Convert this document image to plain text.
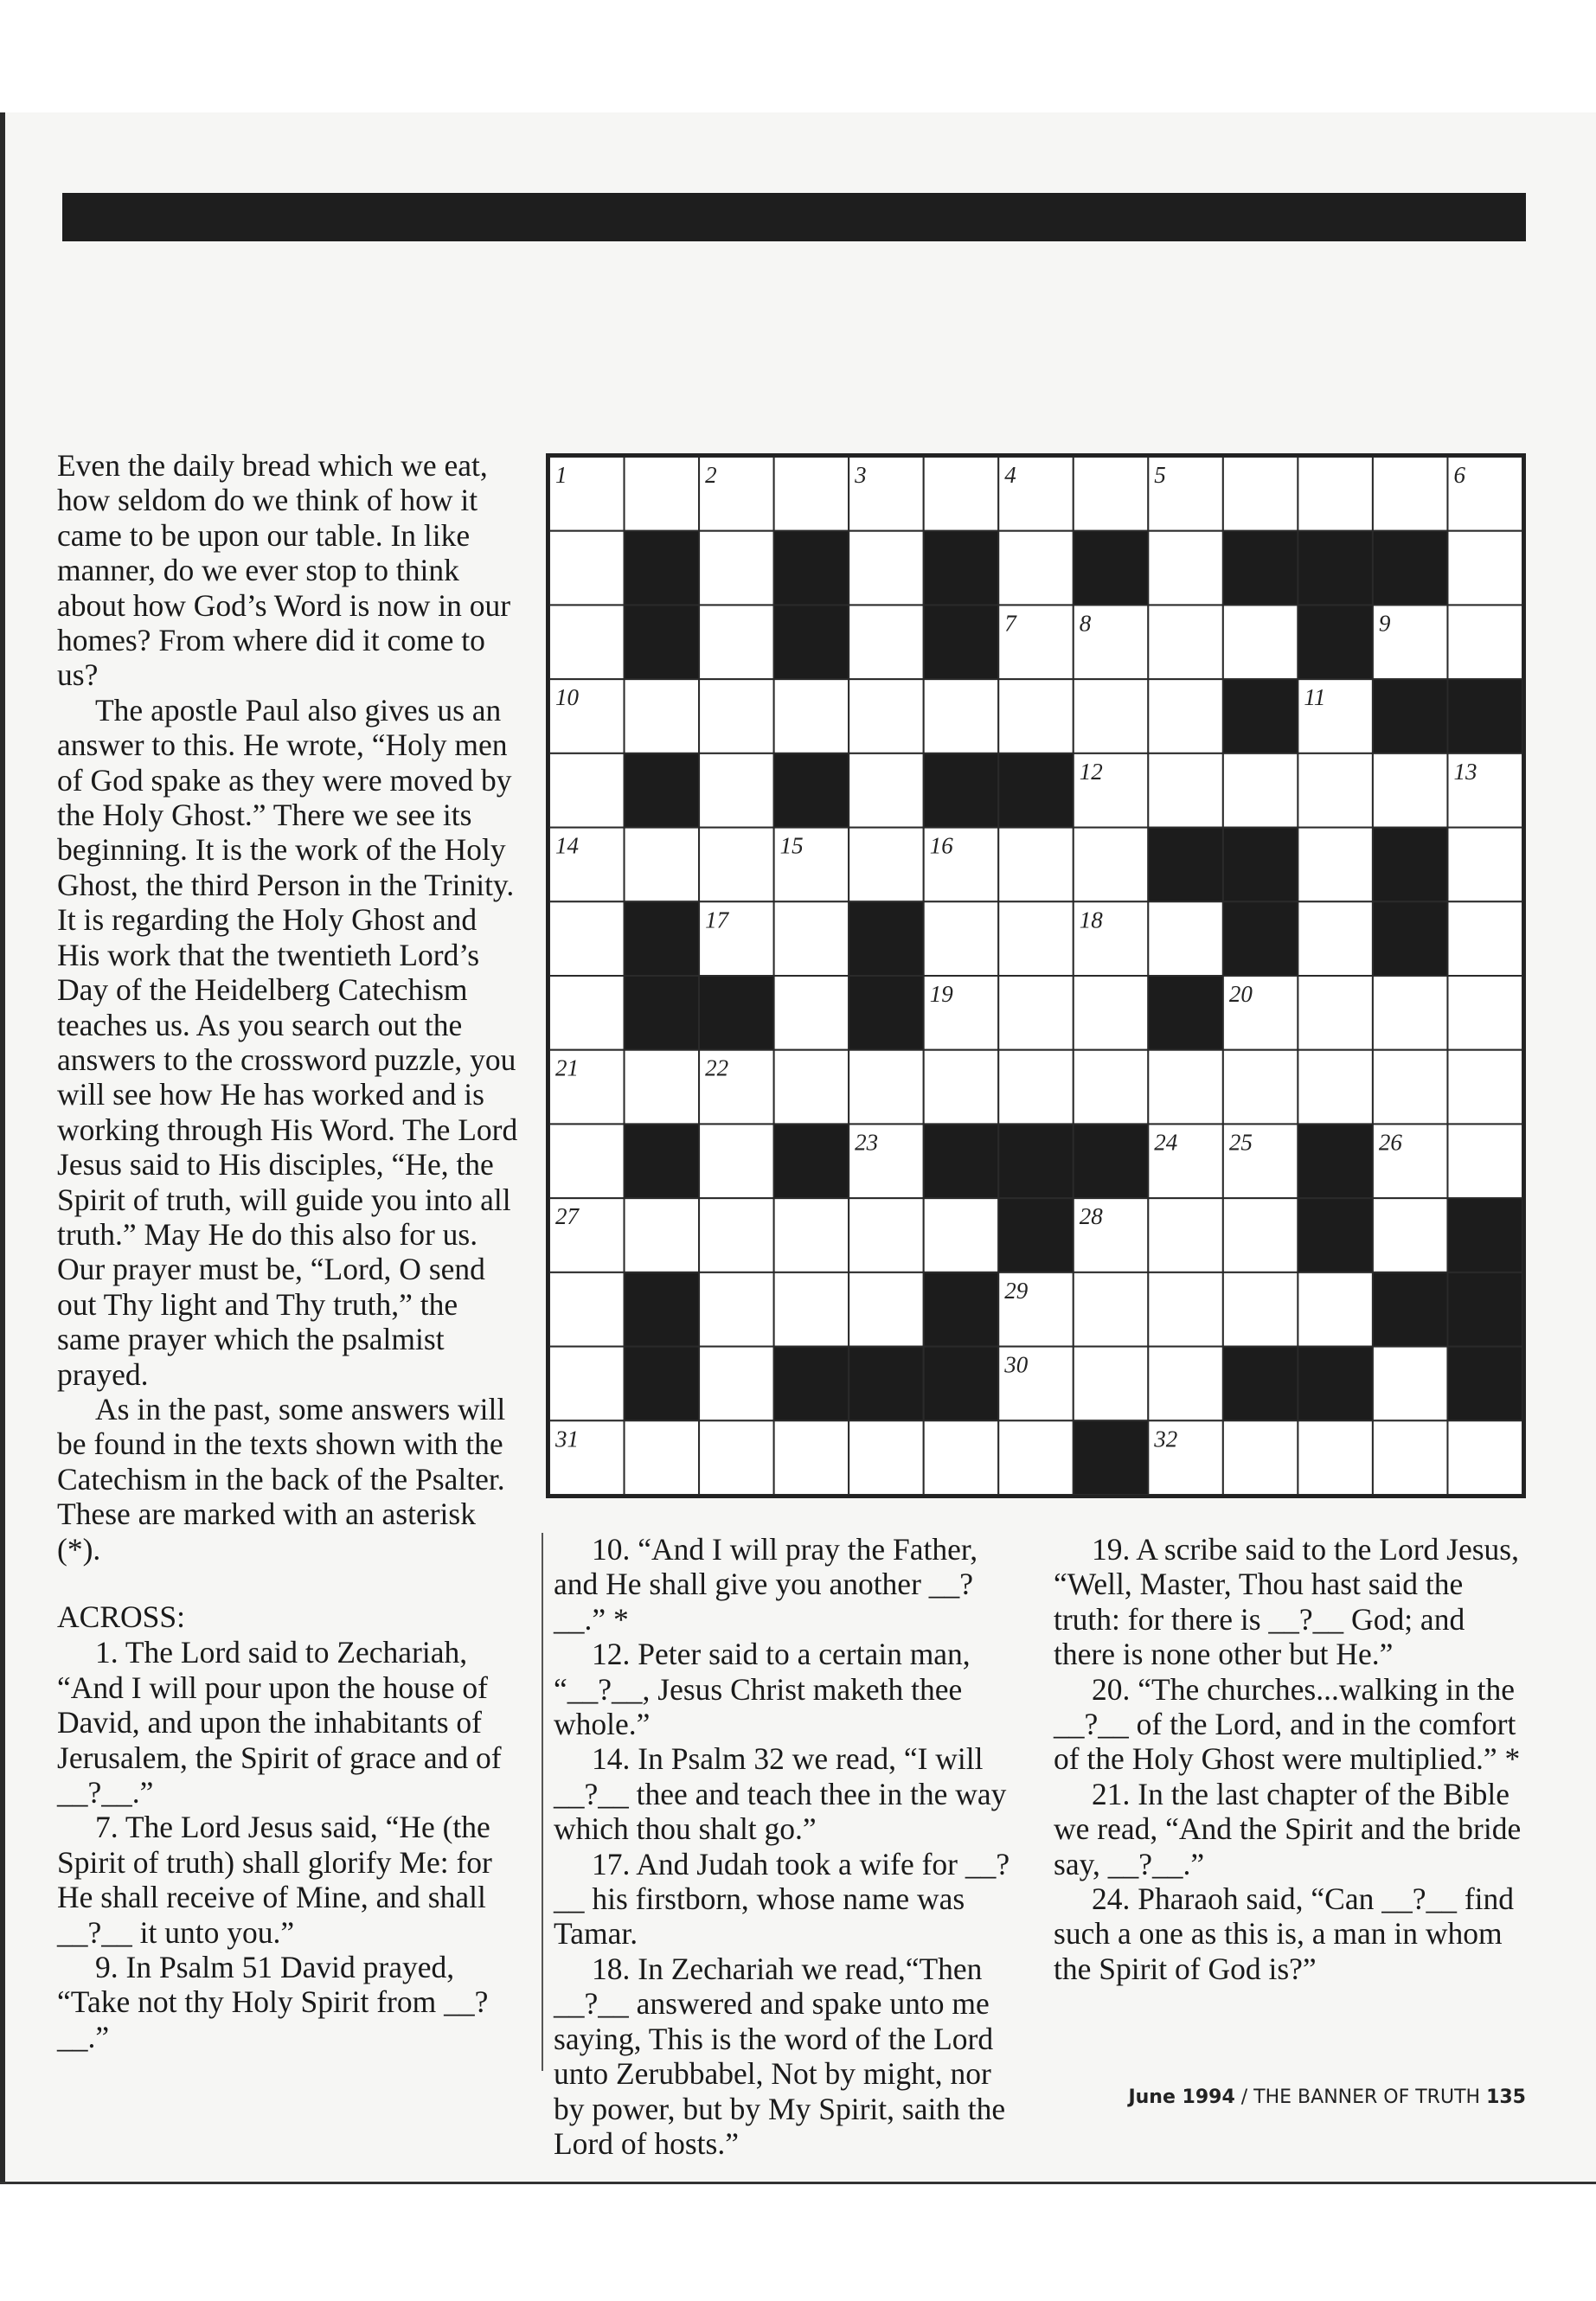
Even the daily bread which we eat, how seldom do we think of how it came to be upon our table. In like manner, do we ever stop to think about how God’s Word is now in our homes? From where did it come to us?

The apostle Paul also gives us an answer to this. He wrote, “Holy men of God spake as they were moved by the Holy Ghost.” There we see its beginning. It is the work of the Holy Ghost, the third Person in the Trinity. It is regarding the Holy Ghost and His work that the twentieth Lord’s Day of the Heidelberg Catechism teaches us. As you search out the answers to the crossword puzzle, you will see how He has worked and is working through His Word. The Lord Jesus said to His disciples, “He, the Spirit of truth, will guide you into all truth.” May He do this also for us. Our prayer must be, “Lord, O send out Thy light and Thy truth,” the same prayer which the psalmist prayed.

As in the past, some answers will be found in the texts shown with the Catechism in the back of the Psalter. These are marked with an asterisk (*).

ACROSS:

1. The Lord said to Zechariah, “And I will pour upon the house of David, and upon the inhabitants of Jerusalem, the Spirit of grace and of __?__.”

7. The Lord Jesus said, “He (the Spirit of truth) shall glorify Me: for He shall receive of Mine, and shall __?__ it unto you.”

9. In Psalm 51 David prayed, “Take not thy Holy Spirit from __?__.”

1	2	3	4	5	6
7	8	9
10	11
12	13
14	15	16
17	18
19	20
21	22
23	24 25	26
27	28
29
30
31	32

10. “And I will pray the Father, and He shall give you another __?__.” *

12. Peter said to a certain man, “__?__, Jesus Christ maketh thee whole.”

14. In Psalm 32 we read, “I will __?__ thee and teach thee in the way which thou shalt go.”

17. And Judah took a wife for __?__ his firstborn, whose name was Tamar.

18. In Zechariah we read,“Then __?__ answered and spake unto me saying, This is the word of the Lord unto Zerubbabel, Not by might, nor by power, but by My Spirit, saith the Lord of hosts.”

19. A scribe said to the Lord Jesus, “Well, Master, Thou hast said the truth: for there is __?__ God; and there is none other but He.”

20. “The churches...walking in the __?__ of the Lord, and in the comfort of the Holy Ghost were multiplied.” *

21. In the last chapter of the Bible we read, “And the Spirit and the bride say, __?__.”

24. Pharaoh said, “Can __?__ find such a one as this is, a man in whom the Spirit of God is?”

June 1994 / THE BANNER OF TRUTH 135
